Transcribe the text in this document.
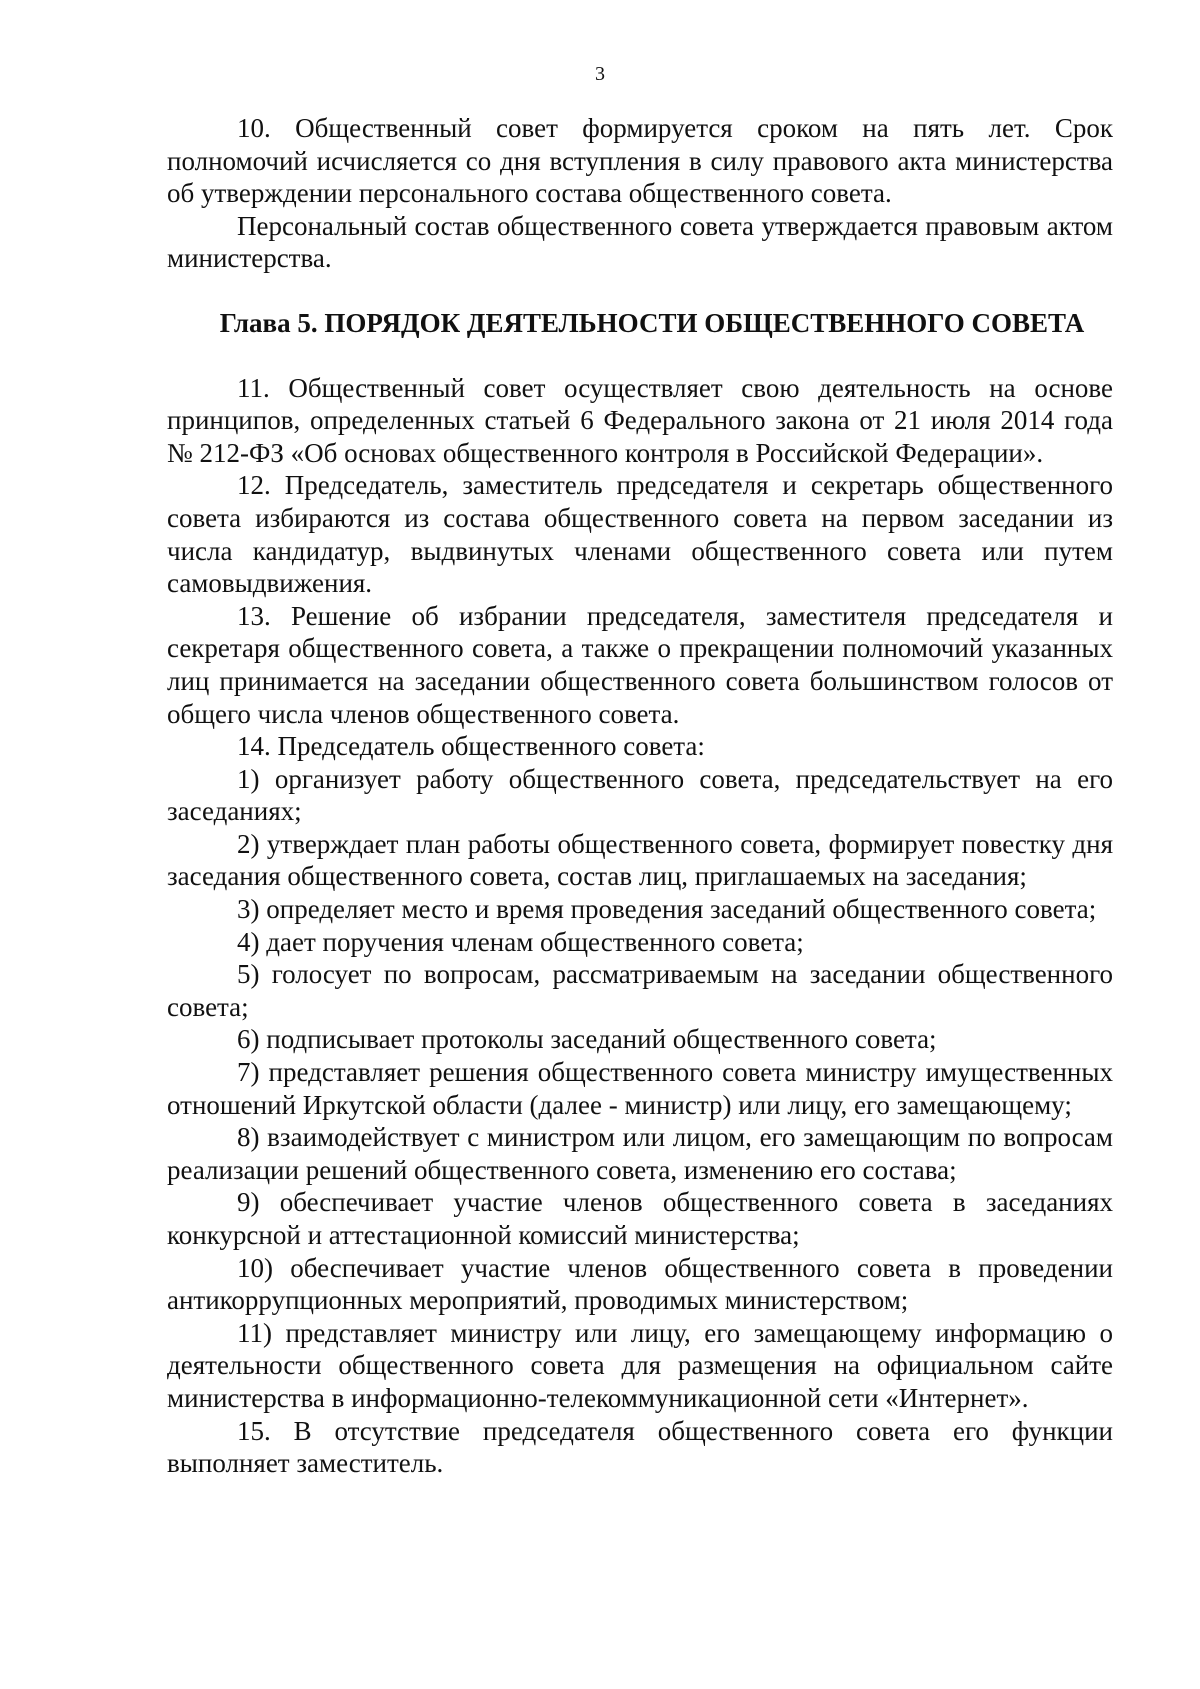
3

10. Общественный совет формируется сроком на пять лет. Срок полномочий исчисляется со дня вступления в силу правового акта министерства об утверждении персонального состава общественного совета.

Персональный состав общественного совета утверждается правовым актом министерства.

Глава 5. ПОРЯДОК ДЕЯТЕЛЬНОСТИ ОБЩЕСТВЕННОГО СОВЕТА

11. Общественный совет осуществляет свою деятельность на основе принципов, определенных статьей 6 Федерального закона от 21 июля 2014 года № 212-ФЗ «Об основах общественного контроля в Российской Федерации».

12. Председатель, заместитель председателя и секретарь общественного совета избираются из состава общественного совета на первом заседании из числа кандидатур, выдвинутых членами общественного совета или путем самовыдвижения.

13. Решение об избрании председателя, заместителя председателя и секретаря общественного совета, а также о прекращении полномочий указанных лиц принимается на заседании общественного совета большинством голосов от общего числа членов общественного совета.

14. Председатель общественного совета:

1) организует работу общественного совета, председательствует на его заседаниях;

2) утверждает план работы общественного совета, формирует повестку дня заседания общественного совета, состав лиц, приглашаемых на заседания;

3) определяет место и время проведения заседаний общественного совета;

4) дает поручения членам общественного совета;

5) голосует по вопросам, рассматриваемым на заседании общественного совета;

6) подписывает протоколы заседаний общественного совета;

7) представляет решения общественного совета министру имущественных отношений Иркутской области (далее - министр) или лицу, его замещающему;

8) взаимодействует с министром или лицом, его замещающим по вопросам реализации решений общественного совета, изменению его состава;

9) обеспечивает участие членов общественного совета в заседаниях конкурсной и аттестационной комиссий министерства;

10) обеспечивает участие членов общественного совета в проведении антикоррупционных мероприятий, проводимых министерством;

11) представляет министру или лицу, его замещающему информацию о деятельности общественного совета для размещения на официальном сайте министерства в информационно-телекоммуникационной сети «Интернет».

15. В отсутствие председателя общественного совета его функции выполняет заместитель.
